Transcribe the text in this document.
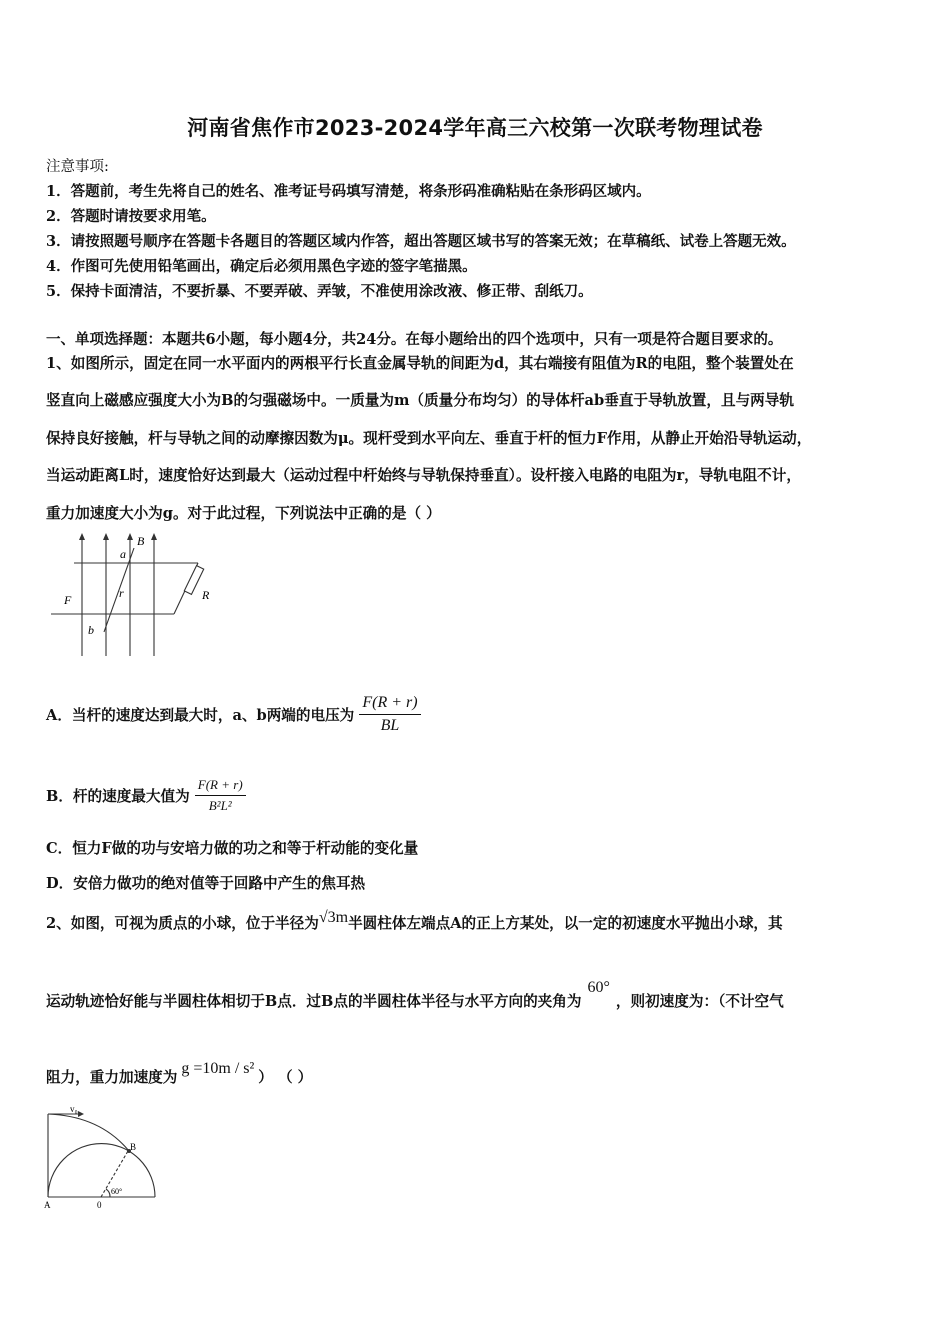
河南省焦作市2023-2024学年高三六校第一次联考物理试卷
注意事项:
1．答题前，考生先将自己的姓名、准考证号码填写清楚，将条形码准确粘贴在条形码区域内。
2．答题时请按要求用笔。
3．请按照题号顺序在答题卡各题目的答题区域内作答，超出答题区域书写的答案无效；在草稿纸、试卷上答题无效。
4．作图可先使用铅笔画出，确定后必须用黑色字迹的签字笔描黑。
5．保持卡面清洁，不要折暴、不要弄破、弄皱，不准使用涂改液、修正带、刮纸刀。
一、单项选择题：本题共6小题，每小题4分，共24分。在每小题给出的四个选项中，只有一项是符合题目要求的。
1、如图所示，固定在同一水平面内的两根平行长直金属导轨的间距为d，其右端接有阻值为R的电阻，整个装置处在
竖直向上磁感应强度大小为B的匀强磁场中。一质量为m（质量分布均匀）的导体杆ab垂直于导轨放置，且与两导轨
保持良好接触，杆与导轨之间的动摩擦因数为μ。现杆受到水平向左、垂直于杆的恒力F作用，从静止开始沿导轨运动，
当运动距离L时，速度恰好达到最大（运动过程中杆始终与导轨保持垂直）。设杆接入电路的电阻为r，导轨电阻不计，
重力加速度大小为g。对于此过程，下列说法中正确的是（ ）
a
B
F	r	R
b
A．当杆的速度达到最大时，a、b两端的电压为 $\frac{F(R + r)}{BL}$
B．杆的速度最大值为 $\frac{F(R + r)}{\text{B²L²}}$
C．恒力F做的功与安培力做的功之和等于杆动能的变化量
D．安倍力做功的绝对值等于回路中产生的焦耳热
2、如图，可视为质点的小球，位于半径为√3m半圆柱体左端点A的正上方某处，以一定的初速度水平抛出小球，其
运动轨迹恰好能与半圆柱体相切于B点．过B点的半圆柱体半径与水平方向的夹角为60°，则初速度为：（不计空气
阻力，重力加速度为g =10m / s²） （ ）
v₀
B
60°
A	0
